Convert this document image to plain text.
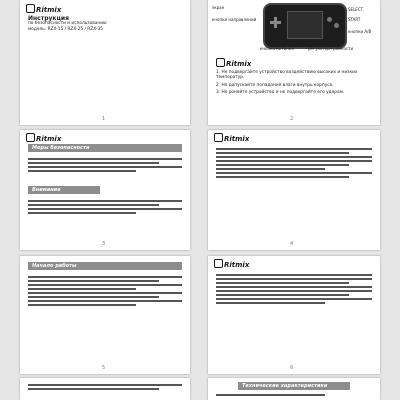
Ritmix
Инструкция
по безопасности и использованию
модель: RZX-15 / RZX-25 / RZX-35
1
экран
кнопки направлений
SELECT
START
кнопки A/B
кнопка питания	регулятор громкости
Ritmix

1. Не подвергайте устройство воздействию высоких и низких температур.

2. Не допускайте попадания влаги внутрь корпуса.

3. Не роняйте устройство и не подвергайте его ударам.

2
Ritmix
Меры безопасности
Внимание
3
Ritmix
4
Начало работы
5
Ritmix
6
Технические характеристики
